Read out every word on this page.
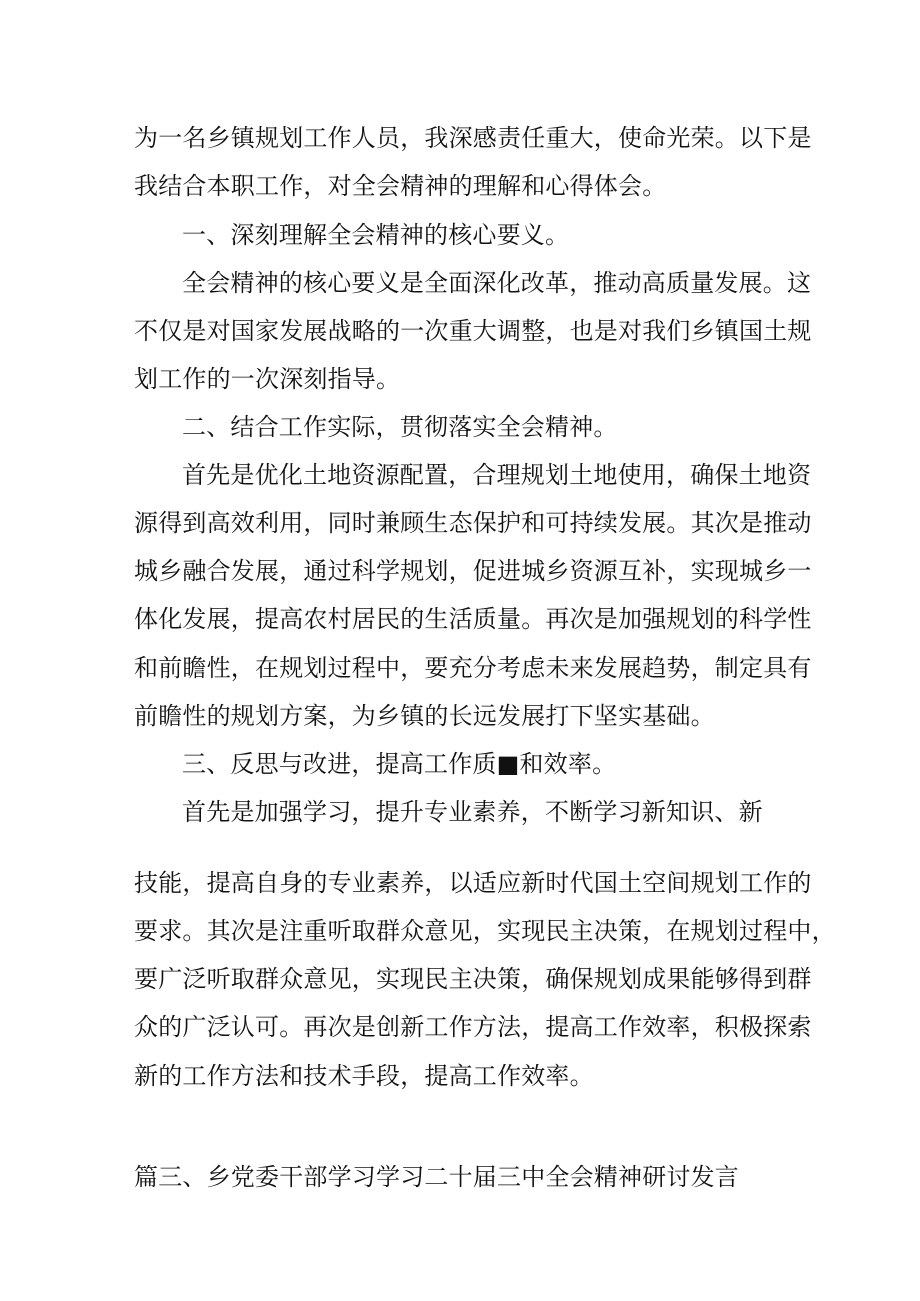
为一名乡镇规划工作人员，我深感责任重大，使命光荣。以下是

我结合本职工作，对全会精神的理解和心得体会。

一、深刻理解全会精神的核心要义。

全会精神的核心要义是全面深化改革，推动高质量发展。这

不仅是对国家发展战略的一次重大调整，也是对我们乡镇国土规

划工作的一次深刻指导。

二、结合工作实际，贯彻落实全会精神。

首先是优化土地资源配置，合理规划土地使用，确保土地资

源得到高效利用，同时兼顾生态保护和可持续发展。其次是推动

城乡融合发展，通过科学规划，促进城乡资源互补，实现城乡一

体化发展，提高农村居民的生活质量。再次是加强规划的科学性

和前瞻性，在规划过程中，要充分考虑未来发展趋势，制定具有

前瞻性的规划方案，为乡镇的长远发展打下坚实基础。

三、反思与改进，提高工作质■和效率。

首先是加强学习，提升专业素养，不断学习新知识、新

技能，提高自身的专业素养，以适应新时代国土空间规划工作的

要求。其次是注重听取群众意见，实现民主决策，在规划过程中，

要广泛听取群众意见，实现民主决策，确保规划成果能够得到群

众的广泛认可。再次是创新工作方法，提高工作效率，积极探索

新的工作方法和技术手段，提高工作效率。

篇三、乡党委干部学习学习二十届三中全会精神研讨发言
